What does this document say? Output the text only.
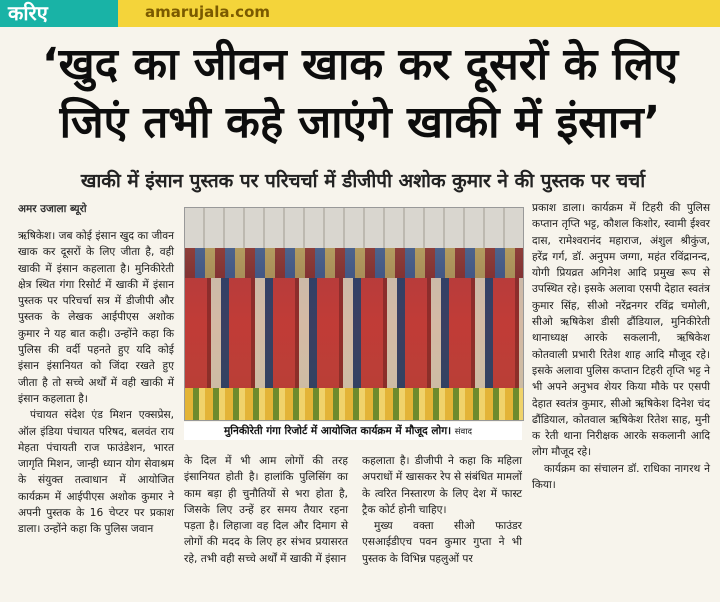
करिए	amarujala.com
‘खुद का जीवन खाक कर दूसरों के लिए
जिएं तभी कहे जाएंगे खाकी में इंसान’
खाकी में इंसान पुस्तक पर परिचर्चा में डीजीपी अशोक कुमार ने की पुस्तक पर चर्चा
अमर उजाला ब्यूरो

ऋषिकेश। जब कोई इंसान खुद का जीवन खाक कर दूसरों के लिए जीता है, वही खाकी में इंसान कहलाता है। मुनिकीरेती क्षेत्र स्थित गंगा रिसोर्ट में खाकी में इंसान पुस्तक पर परिचर्चा सत्र में डीजीपी और पुस्तक के लेखक आईपीएस अशोक कुमार ने यह बात कही। उन्होंने कहा कि पुलिस की वर्दी पहनते हुए यदि कोई इंसान इंसानियत को जिंदा रखते हुए जीता है तो सच्चे अर्थों में वही खाकी में इंसान कहलाता है।

पंचायत संदेश एंड मिशन एक्सप्रेस, ऑल इंडिया पंचायत परिषद, बलवंत राय मेहता पंचायती राज फाउंडेशन, भारत जागृति मिशन, जान्ही ध्यान योग सेवाश्रम के संयुक्त तत्वाधान में आयोजित कार्यक्रम में आईपीएस अशोक कुमार ने अपनी पुस्तक के 16 चेप्टर पर प्रकाश डाला। उन्होंने कहा कि पुलिस जवान

मुनिकीरेती गंगा रिजोर्ट में आयोजित कार्यक्रम में मौजूद लोग। संवाद

के दिल में भी आम लोगों की तरह इंसानियत होती है। हालांकि पुलिसिंग का काम बड़ा ही चुनौतियों से भरा होता है, जिसके लिए उन्हें हर समय तैयार रहना पड़ता है। लिहाजा वह दिल और दिमाग से लोगों की मदद के लिए हर संभव प्रयासरत रहे, तभी वही सच्चे अर्थों में खाकी में इंसान

कहलाता है। डीजीपी ने कहा कि महिला अपराधों में खासकर रेप से संबंधित मामलों के त्वरित निस्तारण के लिए देश में फास्ट ट्रैक कोर्ट होनी चाहिए।

मुख्य वक्ता सीओ फाउंडर एसआईडीएच पवन कुमार गुप्ता ने भी पुस्तक के विभिन्न पहलुओं पर

प्रकाश डाला। कार्यक्रम में टिहरी की पुलिस कप्तान तृप्ति भट्ट, कौशल किशोर, स्वामी ईश्वर दास, रामेश्वरानंद महाराज, अंशुल श्रीकुंज, हरेंद्र गर्ग, डॉ. अनुपम जग्गा, महंत रविंद्रानन्द, योगी प्रियव्रत अगिनेश आदि प्रमुख रूप से उपस्थित रहे। इसके अलावा एसपी देहात स्वतंत्र कुमार सिंह, सीओ नरेंद्रनगर रविंद्र चमोली, सीओ ऋषिकेश डीसी ढौंडियाल, मुनिकीरेती थानाध्यक्ष आरके सकलानी, ऋषिकेश कोतवाली प्रभारी रितेश शाह आदि मौजूद रहे। इसके अलावा पुलिस कप्तान टिहरी तृप्ति भट्ट ने भी अपने अनुभव शेयर किया मौके पर एसपी देहात स्वतंत्र कुमार, सीओ ऋषिकेश दिनेश चंद ढौंडियाल, कोतवाल ऋषिकेश रितेश साह, मुनी क रेती थाना निरीक्षक आरके सकलानी आदि लोग मौजूद रहे।

कार्यक्रम का संचालन डॉ. राधिका नागरथ ने किया।
